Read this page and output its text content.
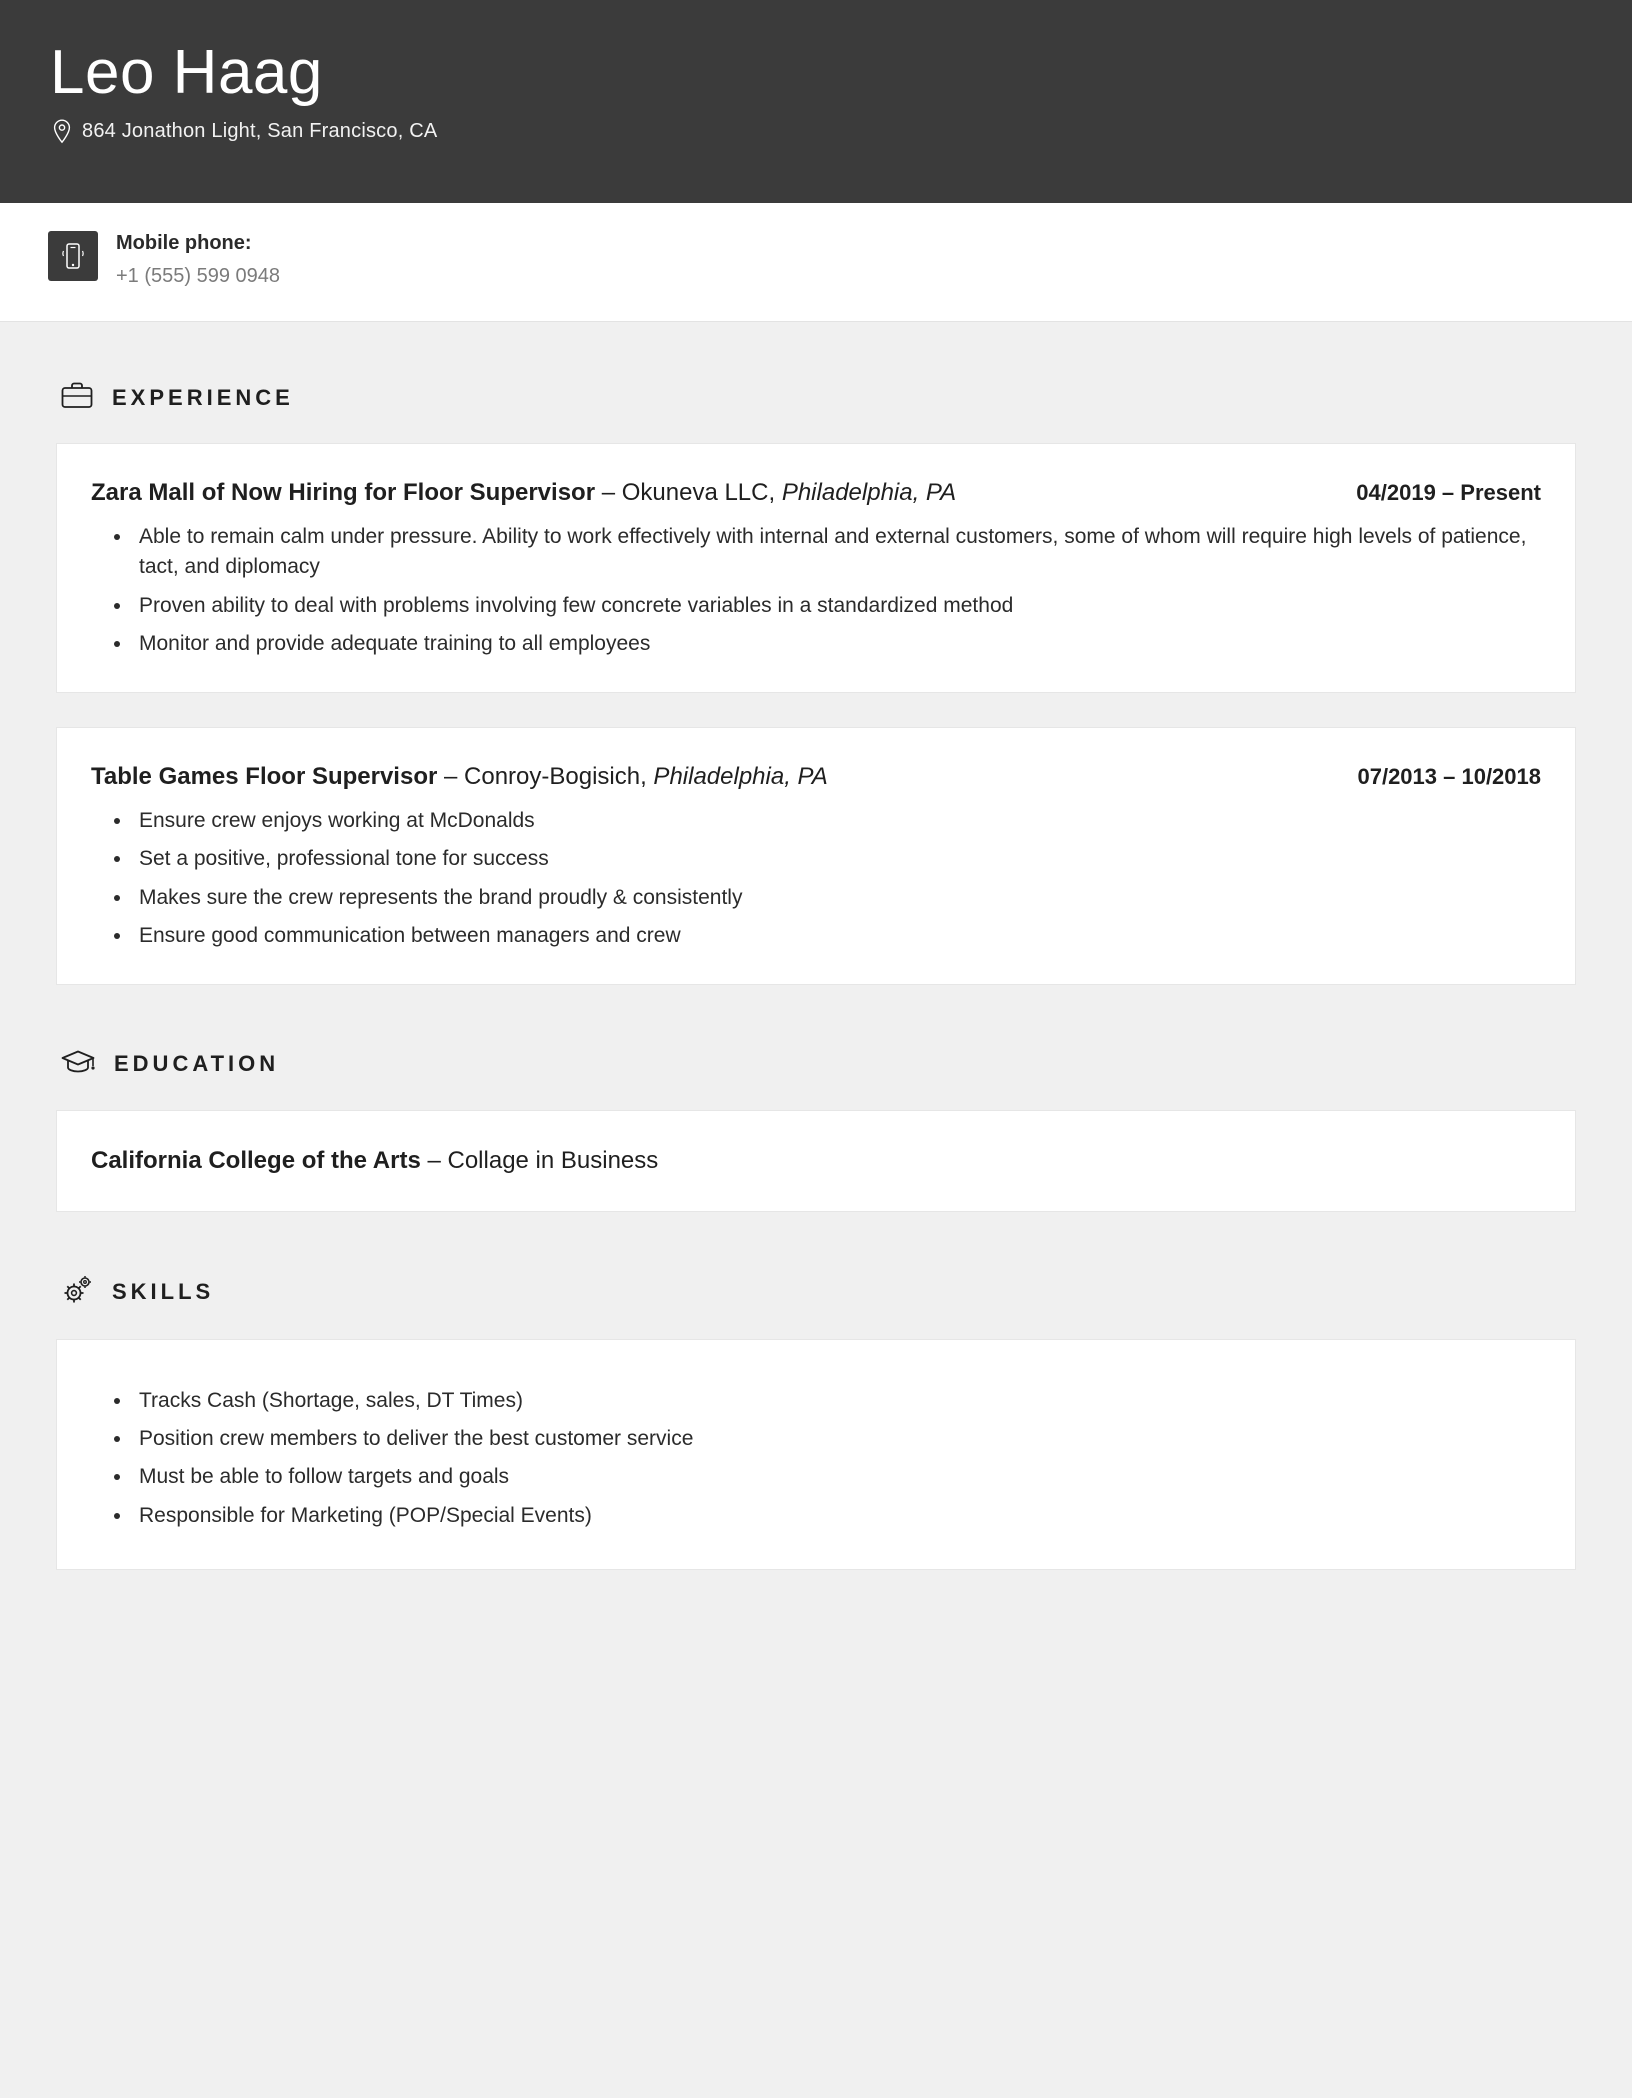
Leo Haag
864 Jonathon Light, San Francisco, CA
Mobile phone:
+1 (555) 599 0948
EXPERIENCE
Zara Mall of Now Hiring for Floor Supervisor – Okuneva LLC, Philadelphia, PA	04/2019 – Present
• Able to remain calm under pressure. Ability to work effectively with internal and external customers, some of whom will require high levels of patience, tact, and diplomacy
• Proven ability to deal with problems involving few concrete variables in a standardized method
• Monitor and provide adequate training to all employees
Table Games Floor Supervisor – Conroy-Bogisich, Philadelphia, PA	07/2013 – 10/2018
• Ensure crew enjoys working at McDonalds
• Set a positive, professional tone for success
• Makes sure the crew represents the brand proudly & consistently
• Ensure good communication between managers and crew
EDUCATION
California College of the Arts – Collage in Business
SKILLS
• Tracks Cash (Shortage, sales, DT Times)
• Position crew members to deliver the best customer service
• Must be able to follow targets and goals
• Responsible for Marketing (POP/Special Events)
